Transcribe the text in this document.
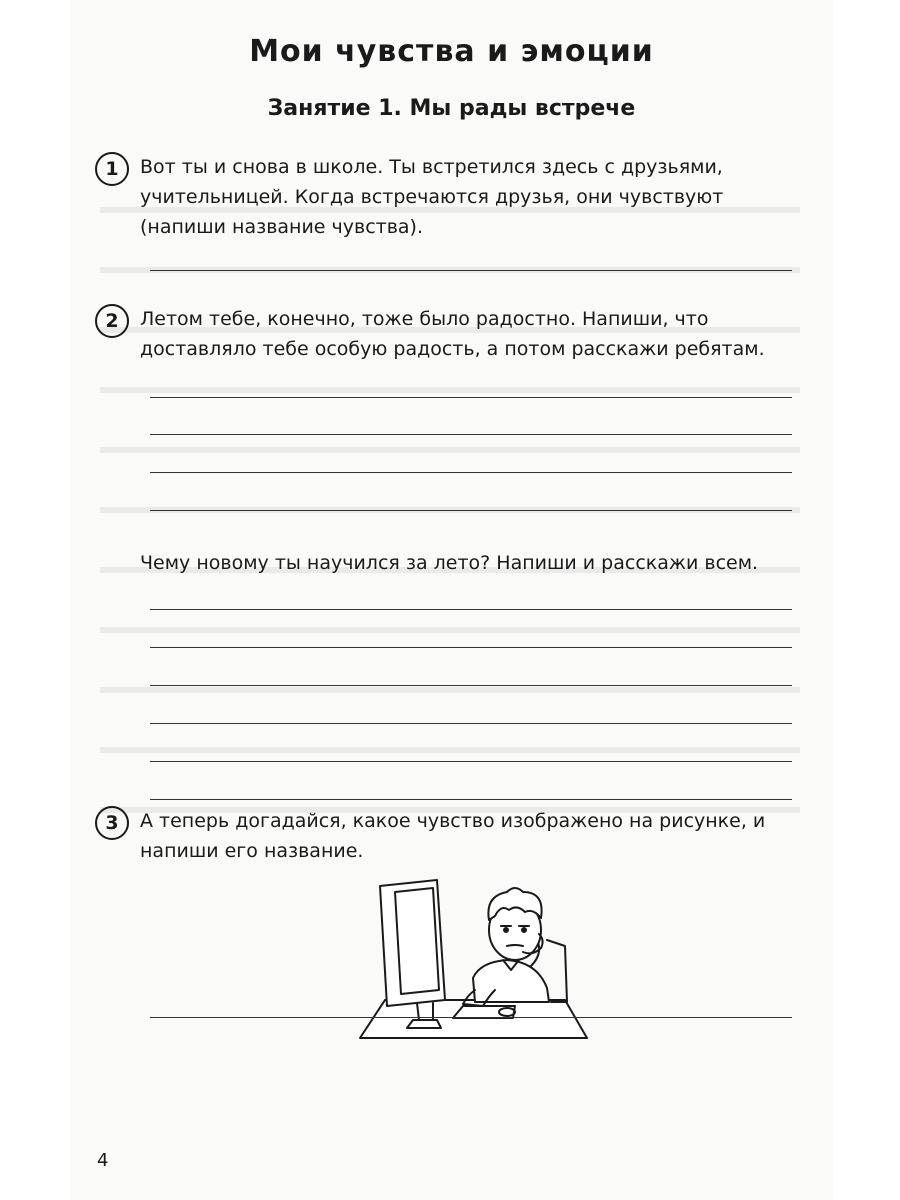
Мои чувства и эмоции
Занятие 1. Мы рады встрече
1	Вот ты и снова в школе. Ты встретился здесь с друзьями, учительницей. Когда встречаются друзья, они чувствуют (напиши название чувства).
2	Летом тебе, конечно, тоже было радостно. Напиши, что доставляло тебе особую радость, а потом расскажи ребятам.
Чему новому ты научился за лето? Напиши и расскажи всем.
3	А теперь догадайся, какое чувство изображено на рисунке, и напиши его название.
4
